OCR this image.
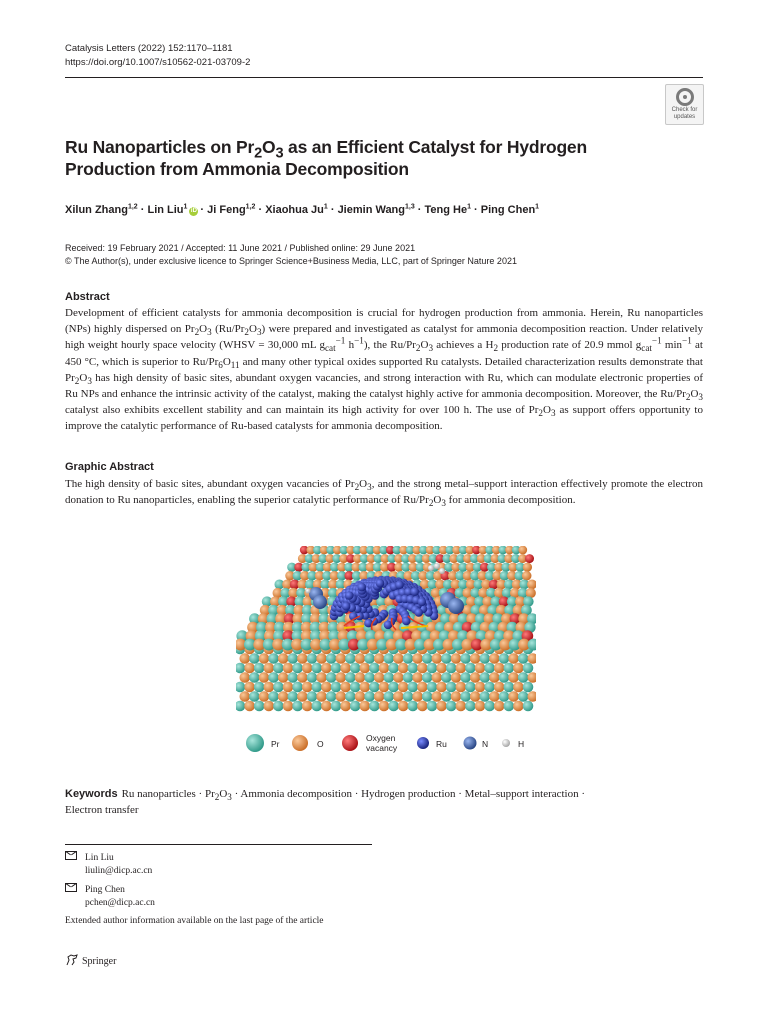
Catalysis Letters (2022) 152:1170–1181
https://doi.org/10.1007/s10562-021-03709-2
Check for
updates
Ru Nanoparticles on $Pr_2O_3$ as an Efficient Catalyst for Hydrogen
Production from Ammonia Decomposition
Xilun Zhang$^{1,2}$ · Lin Liu$^1$iD · Ji Feng$^{1,2}$ · Xiaohua $Ju^1 \cdot Jiemin$ Wang$^{1,3}$ · Teng $He^1$ · Ping Chen$^1$
Received: 19 February 2021 / Accepted: 11 June 2021 / Published online: 29 June 2021
© The Author(s), under exclusive licence to Springer Science+Business Media, LLC, part of Springer Nature 2021
Abstract
Development of efficient catalysts for ammonia decomposition is crucial for hydrogen production from ammonia. Herein, Ru nanoparticles (NPs) highly dispersed on $Pr_2O_3$ $(Ru/Pr_2O_3)$ were prepared and investigated as catalyst for ammonia decomposition reaction. Under relatively high weight hourly space velocity (WHSV = 30,000 mL $g_{cat}^{-1}$ $h^{-1}$), the $Ru/Pr_2O_3$ achieves a $H_2$ production rate of 20.9 mmol $g_{cat}^{-1}$ $\min^{-1}$ at 450 °C, which is superior to $Ru/Pr_6O_{11}$ and many other typical oxides supported Ru catalysts. Detailed characterization results demonstrate that $Pr_2O_3$ has high density of basic sites, abundant oxygen vacancies, and strong interaction with Ru, which can modulate electronic properties of Ru NPs and enhance the intrinsic activity of the catalyst, making the catalyst highly active for ammonia decomposition. Moreover, the $Ru/Pr_2O_3$ catalyst also exhibits excellent stability and can maintain its high activity for over 100 h. The use of $Pr_2O_3$ as support offers opportunity to improve the catalytic performance of Ru-based catalysts for ammonia decomposition.
Graphic Abstract
The high density of basic sites, abundant oxygen vacancies of $Pr_2O_3$, and the strong metal–support interaction effectively promote the electron donation to Ru nanoparticles, enabling the superior catalytic performance of $Ru/Pr_2O_3$ for ammonia decomposition.
Pr	O
Oxygen
vacancy	Ru	N	H
Keywords Ru nanoparticles · $Pr_2O_3$ · Ammonia decomposition · Hydrogen production · Metal–support interaction ·
Electron transfer
Lin Liu
liulin@dicp.ac.cn
Ping Chen
pchen@dicp.ac.cn
Extended author information available on the last page of the article
Springer
